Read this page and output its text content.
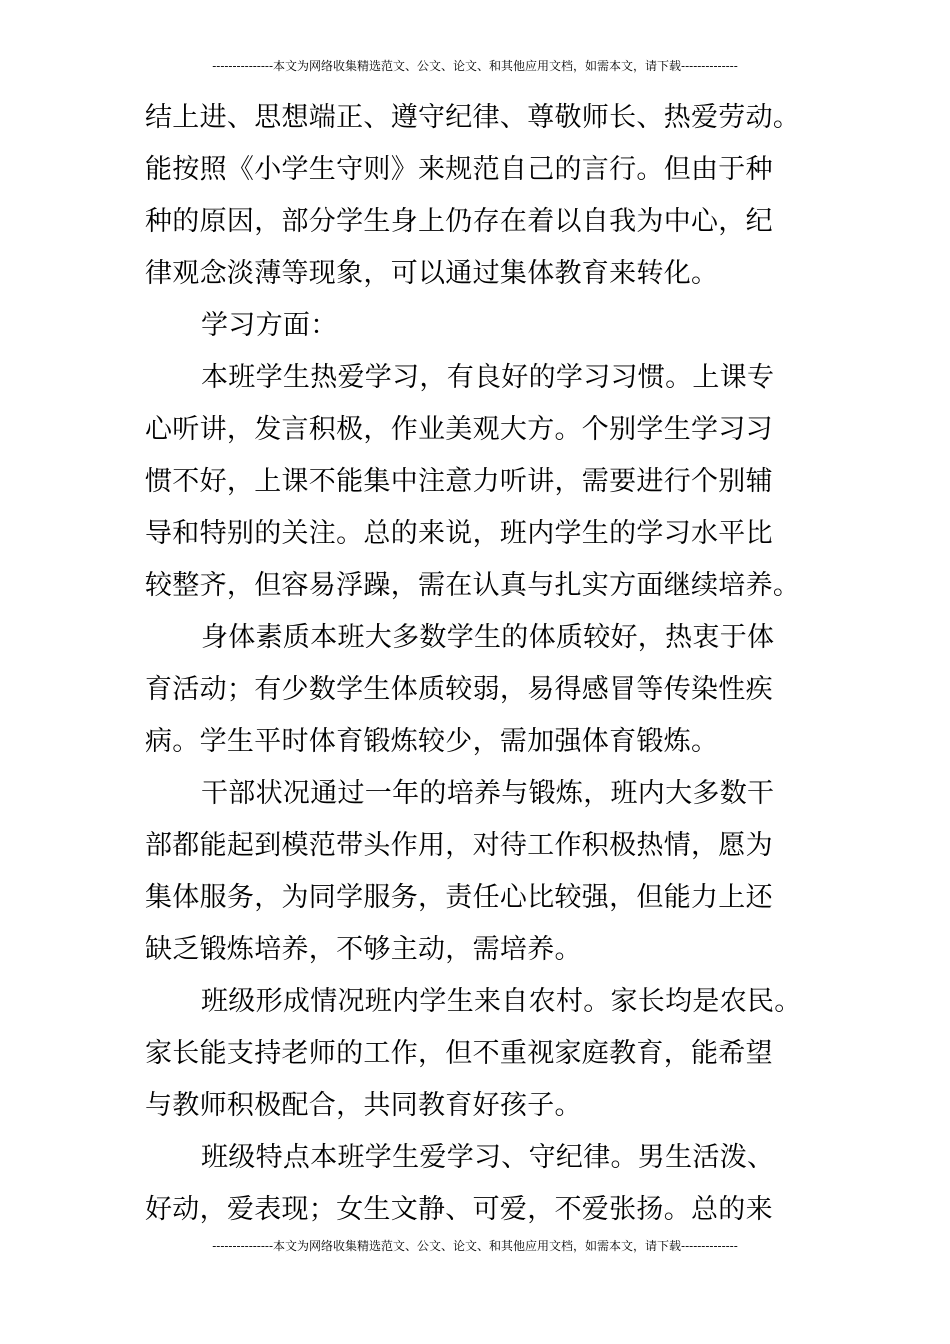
---------------本文为网络收集精选范文、公文、论文、和其他应用文档，如需本文，请下载--------------
结上进、思想端正、遵守纪律、尊敬师长、热爱劳动。
能按照《小学生守则》来规范自己的言行。但由于种
种的原因，部分学生身上仍存在着以自我为中心，纪
律观念淡薄等现象，可以通过集体教育来转化。
学习方面：
本班学生热爱学习，有良好的学习习惯。上课专
心听讲，发言积极，作业美观大方。个别学生学习习
惯不好，上课不能集中注意力听讲，需要进行个别辅
导和特别的关注。总的来说，班内学生的学习水平比
较整齐，但容易浮躁，需在认真与扎实方面继续培养。
身体素质本班大多数学生的体质较好，热衷于体
育活动；有少数学生体质较弱，易得感冒等传染性疾
病。学生平时体育锻炼较少，需加强体育锻炼。
干部状况通过一年的培养与锻炼，班内大多数干
部都能起到模范带头作用，对待工作积极热情，愿为
集体服务，为同学服务，责任心比较强，但能力上还
缺乏锻炼培养，不够主动，需培养。
班级形成情况班内学生来自农村。家长均是农民。
家长能支持老师的工作，但不重视家庭教育，能希望
与教师积极配合，共同教育好孩子。
班级特点本班学生爱学习、守纪律。男生活泼、
好动，爱表现；女生文静、可爱，不爱张扬。总的来
---------------本文为网络收集精选范文、公文、论文、和其他应用文档，如需本文，请下载--------------
